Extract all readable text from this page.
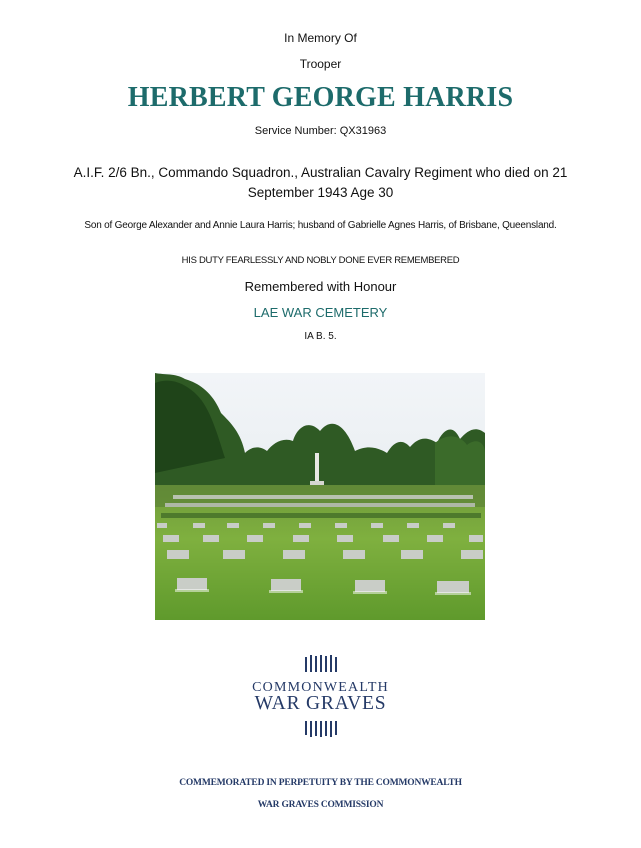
In Memory Of
Trooper
HERBERT GEORGE HARRIS
Service Number: QX31963
A.I.F. 2/6 Bn., Commando Squadron., Australian Cavalry Regiment who died on 21 September 1943 Age 30
Son of George Alexander and Annie Laura Harris; husband of Gabrielle Agnes Harris, of Brisbane, Queensland.
HIS DUTY FEARLESSLY AND NOBLY DONE EVER REMEMBERED
Remembered with Honour
LAE WAR CEMETERY
IA B. 5.
COMMONWEALTH
WAR GRAVES
COMMEMORATED IN PERPETUITY BY THE COMMONWEALTH
WAR GRAVES COMMISSION
